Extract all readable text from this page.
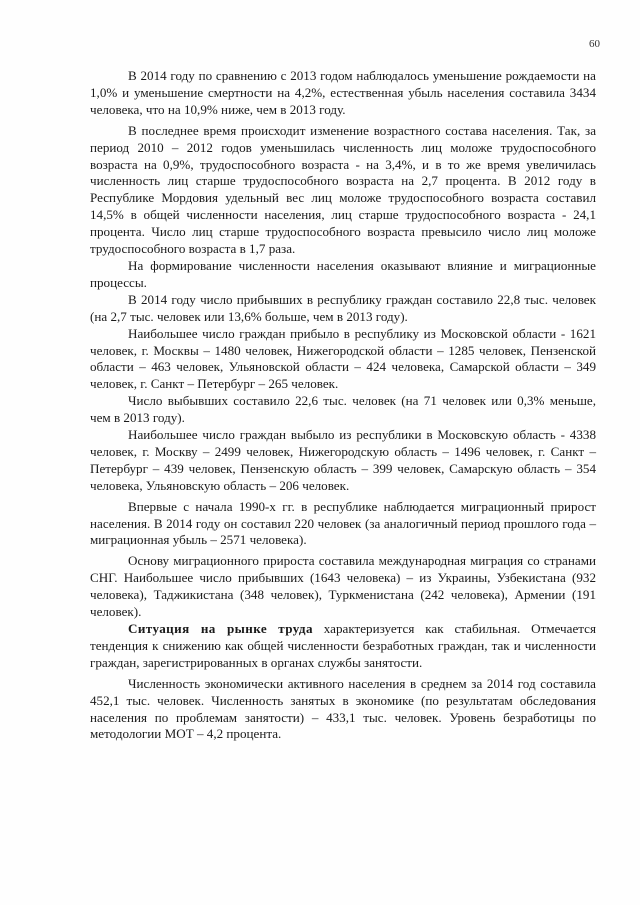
60

В 2014 году по сравнению с 2013 годом наблюдалось уменьшение рождаемости на 1,0% и уменьшение смертности на 4,2%, естественная убыль населения составила 3434 человека, что на 10,9% ниже, чем в 2013 году.

В последнее время происходит изменение возрастного состава населения. Так, за период 2010 – 2012 годов уменьшилась численность лиц моложе трудоспособного возраста на 0,9%, трудоспособного возраста - на 3,4%, и в то же время увеличилась численность лиц старше трудоспособного возраста на 2,7 процента. В 2012 году в Республике Мордовия удельный вес лиц моложе трудоспособного возраста составил 14,5% в общей численности населения, лиц старше трудоспособного возраста - 24,1 процента. Число лиц старше трудоспособного возраста превысило число лиц моложе трудоспособного возраста в 1,7 раза.

На формирование численности населения оказывают влияние и миграционные процессы.

В 2014 году число прибывших в республику граждан составило 22,8 тыс. человек (на 2,7 тыс. человек или 13,6% больше, чем в 2013 году).

Наибольшее число граждан прибыло в республику из Московской области - 1621 человек, г. Москвы – 1480 человек, Нижегородской области – 1285 человек, Пензенской области – 463 человек, Ульяновской области – 424 человека, Самарской области – 349 человек, г. Санкт – Петербург – 265 человек.

Число выбывших составило 22,6 тыс. человек (на 71 человек или 0,3% меньше, чем в 2013 году).

Наибольшее число граждан выбыло из республики в Московскую область - 4338 человек, г. Москву – 2499 человек, Нижегородскую область – 1496 человек, г. Санкт – Петербург – 439 человек, Пензенскую область – 399 человек, Самарскую область – 354 человека, Ульяновскую область – 206 человек.

Впервые с начала 1990-х гг. в республике наблюдается миграционный прирост населения. В 2014 году он составил 220 человек (за аналогичный период прошлого года – миграционная убыль – 2571 человека).

Основу миграционного прироста составила международная миграция со странами СНГ. Наибольшее число прибывших (1643 человека) – из Украины, Узбекистана (932 человека), Таджикистана (348 человек), Туркменистана (242 человека), Армении (191 человек).

Ситуация на рынке труда характеризуется как стабильная. Отмечается тенденция к снижению как общей численности безработных граждан, так и численности граждан, зарегистрированных в органах службы занятости.

Численность экономически активного населения в среднем за 2014 год составила 452,1 тыс. человек. Численность занятых в экономике (по результатам обследования населения по проблемам занятости) – 433,1 тыс. человек. Уровень безработицы по методологии МОТ – 4,2 процента.
